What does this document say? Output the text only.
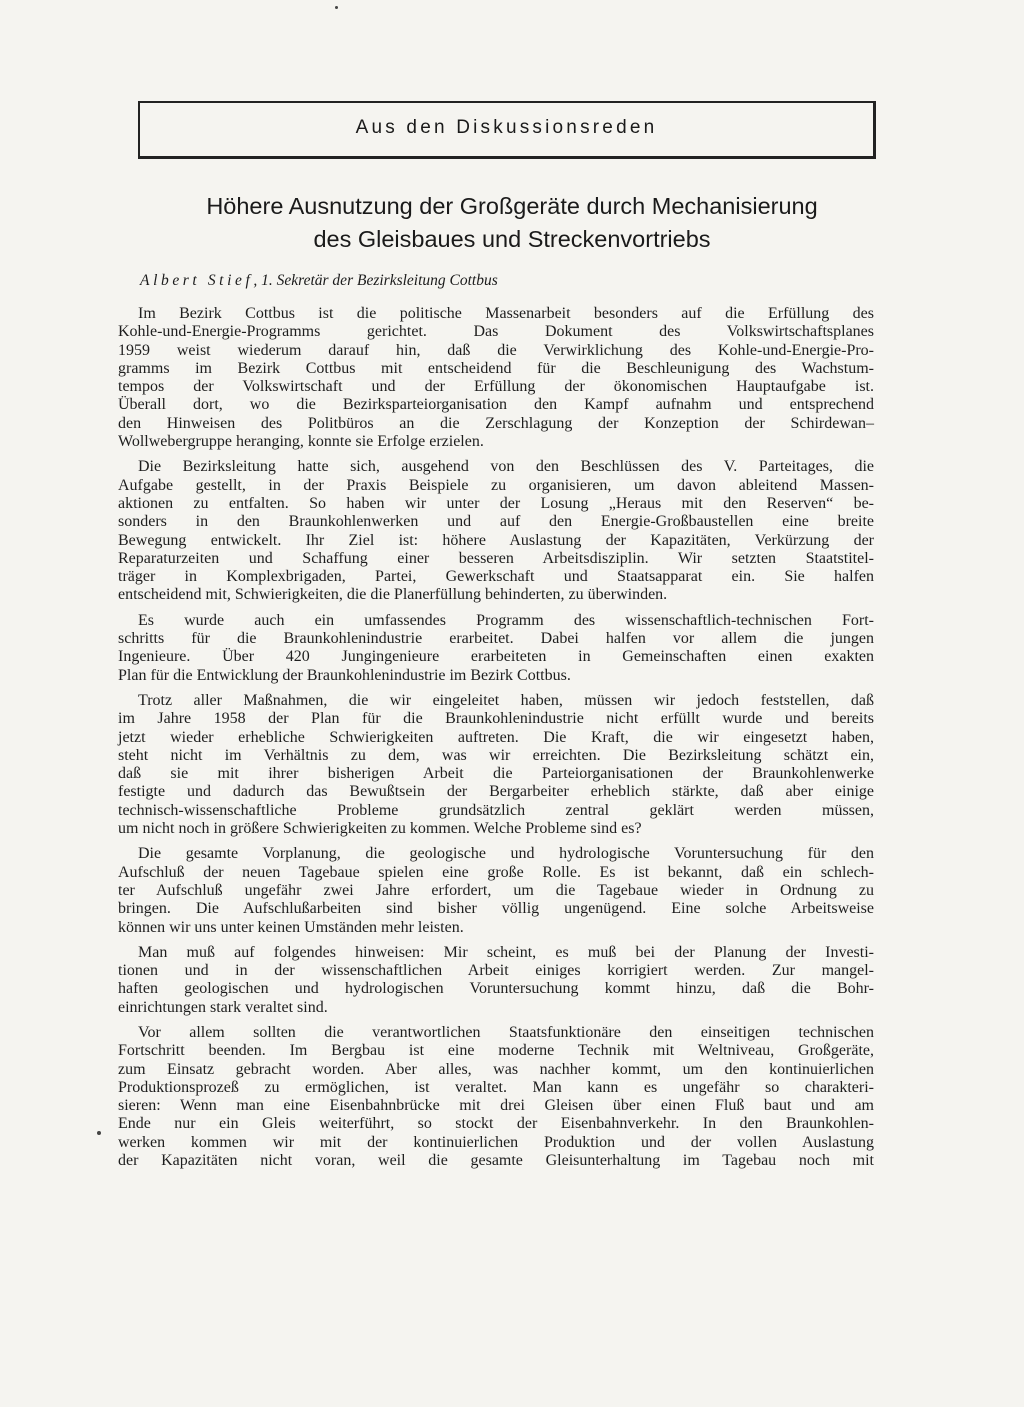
Aus den Diskussionsreden
Höhere Ausnutzung der Großgeräte durch Mechanisierung
des Gleisbaues und Streckenvortriebs
Albert Stief, 1. Sekretär der Bezirksleitung Cottbus
Im Bezirk Cottbus ist die politische Massenarbeit besonders auf die Erfüllung des
Kohle-und-Energie-Programms gerichtet. Das Dokument des Volkswirtschaftsplanes
1959 weist wiederum darauf hin, daß die Verwirklichung des Kohle-und-Energie-Pro-
gramms im Bezirk Cottbus mit entscheidend für die Beschleunigung des Wachstum-
tempos der Volkswirtschaft und der Erfüllung der ökonomischen Hauptaufgabe ist.
Überall dort, wo die Bezirksparteiorganisation den Kampf aufnahm und entsprechend
den Hinweisen des Politbüros an die Zerschlagung der Konzeption der Schirdewan–
Wollwebergruppe heranging, konnte sie Erfolge erzielen.
Die Bezirksleitung hatte sich, ausgehend von den Beschlüssen des V. Parteitages, die
Aufgabe gestellt, in der Praxis Beispiele zu organisieren, um davon ableitend Massen-
aktionen zu entfalten. So haben wir unter der Losung „Heraus mit den Reserven“ be-
sonders in den Braunkohlenwerken und auf den Energie-Großbaustellen eine breite
Bewegung entwickelt. Ihr Ziel ist: höhere Auslastung der Kapazitäten, Verkürzung der
Reparaturzeiten und Schaffung einer besseren Arbeitsdisziplin. Wir setzten Staatstitel-
träger in Komplexbrigaden, Partei, Gewerkschaft und Staatsapparat ein. Sie halfen
entscheidend mit, Schwierigkeiten, die die Planerfüllung behinderten, zu überwinden.
Es wurde auch ein umfassendes Programm des wissenschaftlich-technischen Fort-
schritts für die Braunkohlenindustrie erarbeitet. Dabei halfen vor allem die jungen
Ingenieure. Über 420 Jungingenieure erarbeiteten in Gemeinschaften einen exakten
Plan für die Entwicklung der Braunkohlenindustrie im Bezirk Cottbus.
Trotz aller Maßnahmen, die wir eingeleitet haben, müssen wir jedoch feststellen, daß
im Jahre 1958 der Plan für die Braunkohlenindustrie nicht erfüllt wurde und bereits
jetzt wieder erhebliche Schwierigkeiten auftreten. Die Kraft, die wir eingesetzt haben,
steht nicht im Verhältnis zu dem, was wir erreichten. Die Bezirksleitung schätzt ein,
daß sie mit ihrer bisherigen Arbeit die Parteiorganisationen der Braunkohlenwerke
festigte und dadurch das Bewußtsein der Bergarbeiter erheblich stärkte, daß aber einige
technisch-wissenschaftliche Probleme grundsätzlich zentral geklärt werden müssen,
um nicht noch in größere Schwierigkeiten zu kommen. Welche Probleme sind es?
Die gesamte Vorplanung, die geologische und hydrologische Voruntersuchung für den
Aufschluß der neuen Tagebaue spielen eine große Rolle. Es ist bekannt, daß ein schlech-
ter Aufschluß ungefähr zwei Jahre erfordert, um die Tagebaue wieder in Ordnung zu
bringen. Die Aufschlußarbeiten sind bisher völlig ungenügend. Eine solche Arbeitsweise
können wir uns unter keinen Umständen mehr leisten.
Man muß auf folgendes hinweisen: Mir scheint, es muß bei der Planung der Investi-
tionen und in der wissenschaftlichen Arbeit einiges korrigiert werden. Zur mangel-
haften geologischen und hydrologischen Voruntersuchung kommt hinzu, daß die Bohr-
einrichtungen stark veraltet sind.
Vor allem sollten die verantwortlichen Staatsfunktionäre den einseitigen technischen
Fortschritt beenden. Im Bergbau ist eine moderne Technik mit Weltniveau, Großgeräte,
zum Einsatz gebracht worden. Aber alles, was nachher kommt, um den kontinuierlichen
Produktionsprozeß zu ermöglichen, ist veraltet. Man kann es ungefähr so charakteri-
sieren: Wenn man eine Eisenbahnbrücke mit drei Gleisen über einen Fluß baut und am
Ende nur ein Gleis weiterführt, so stockt der Eisenbahnverkehr. In den Braunkohlen-
werken kommen wir mit der kontinuierlichen Produktion und der vollen Auslastung
der Kapazitäten nicht voran, weil die gesamte Gleisunterhaltung im Tagebau noch mit
